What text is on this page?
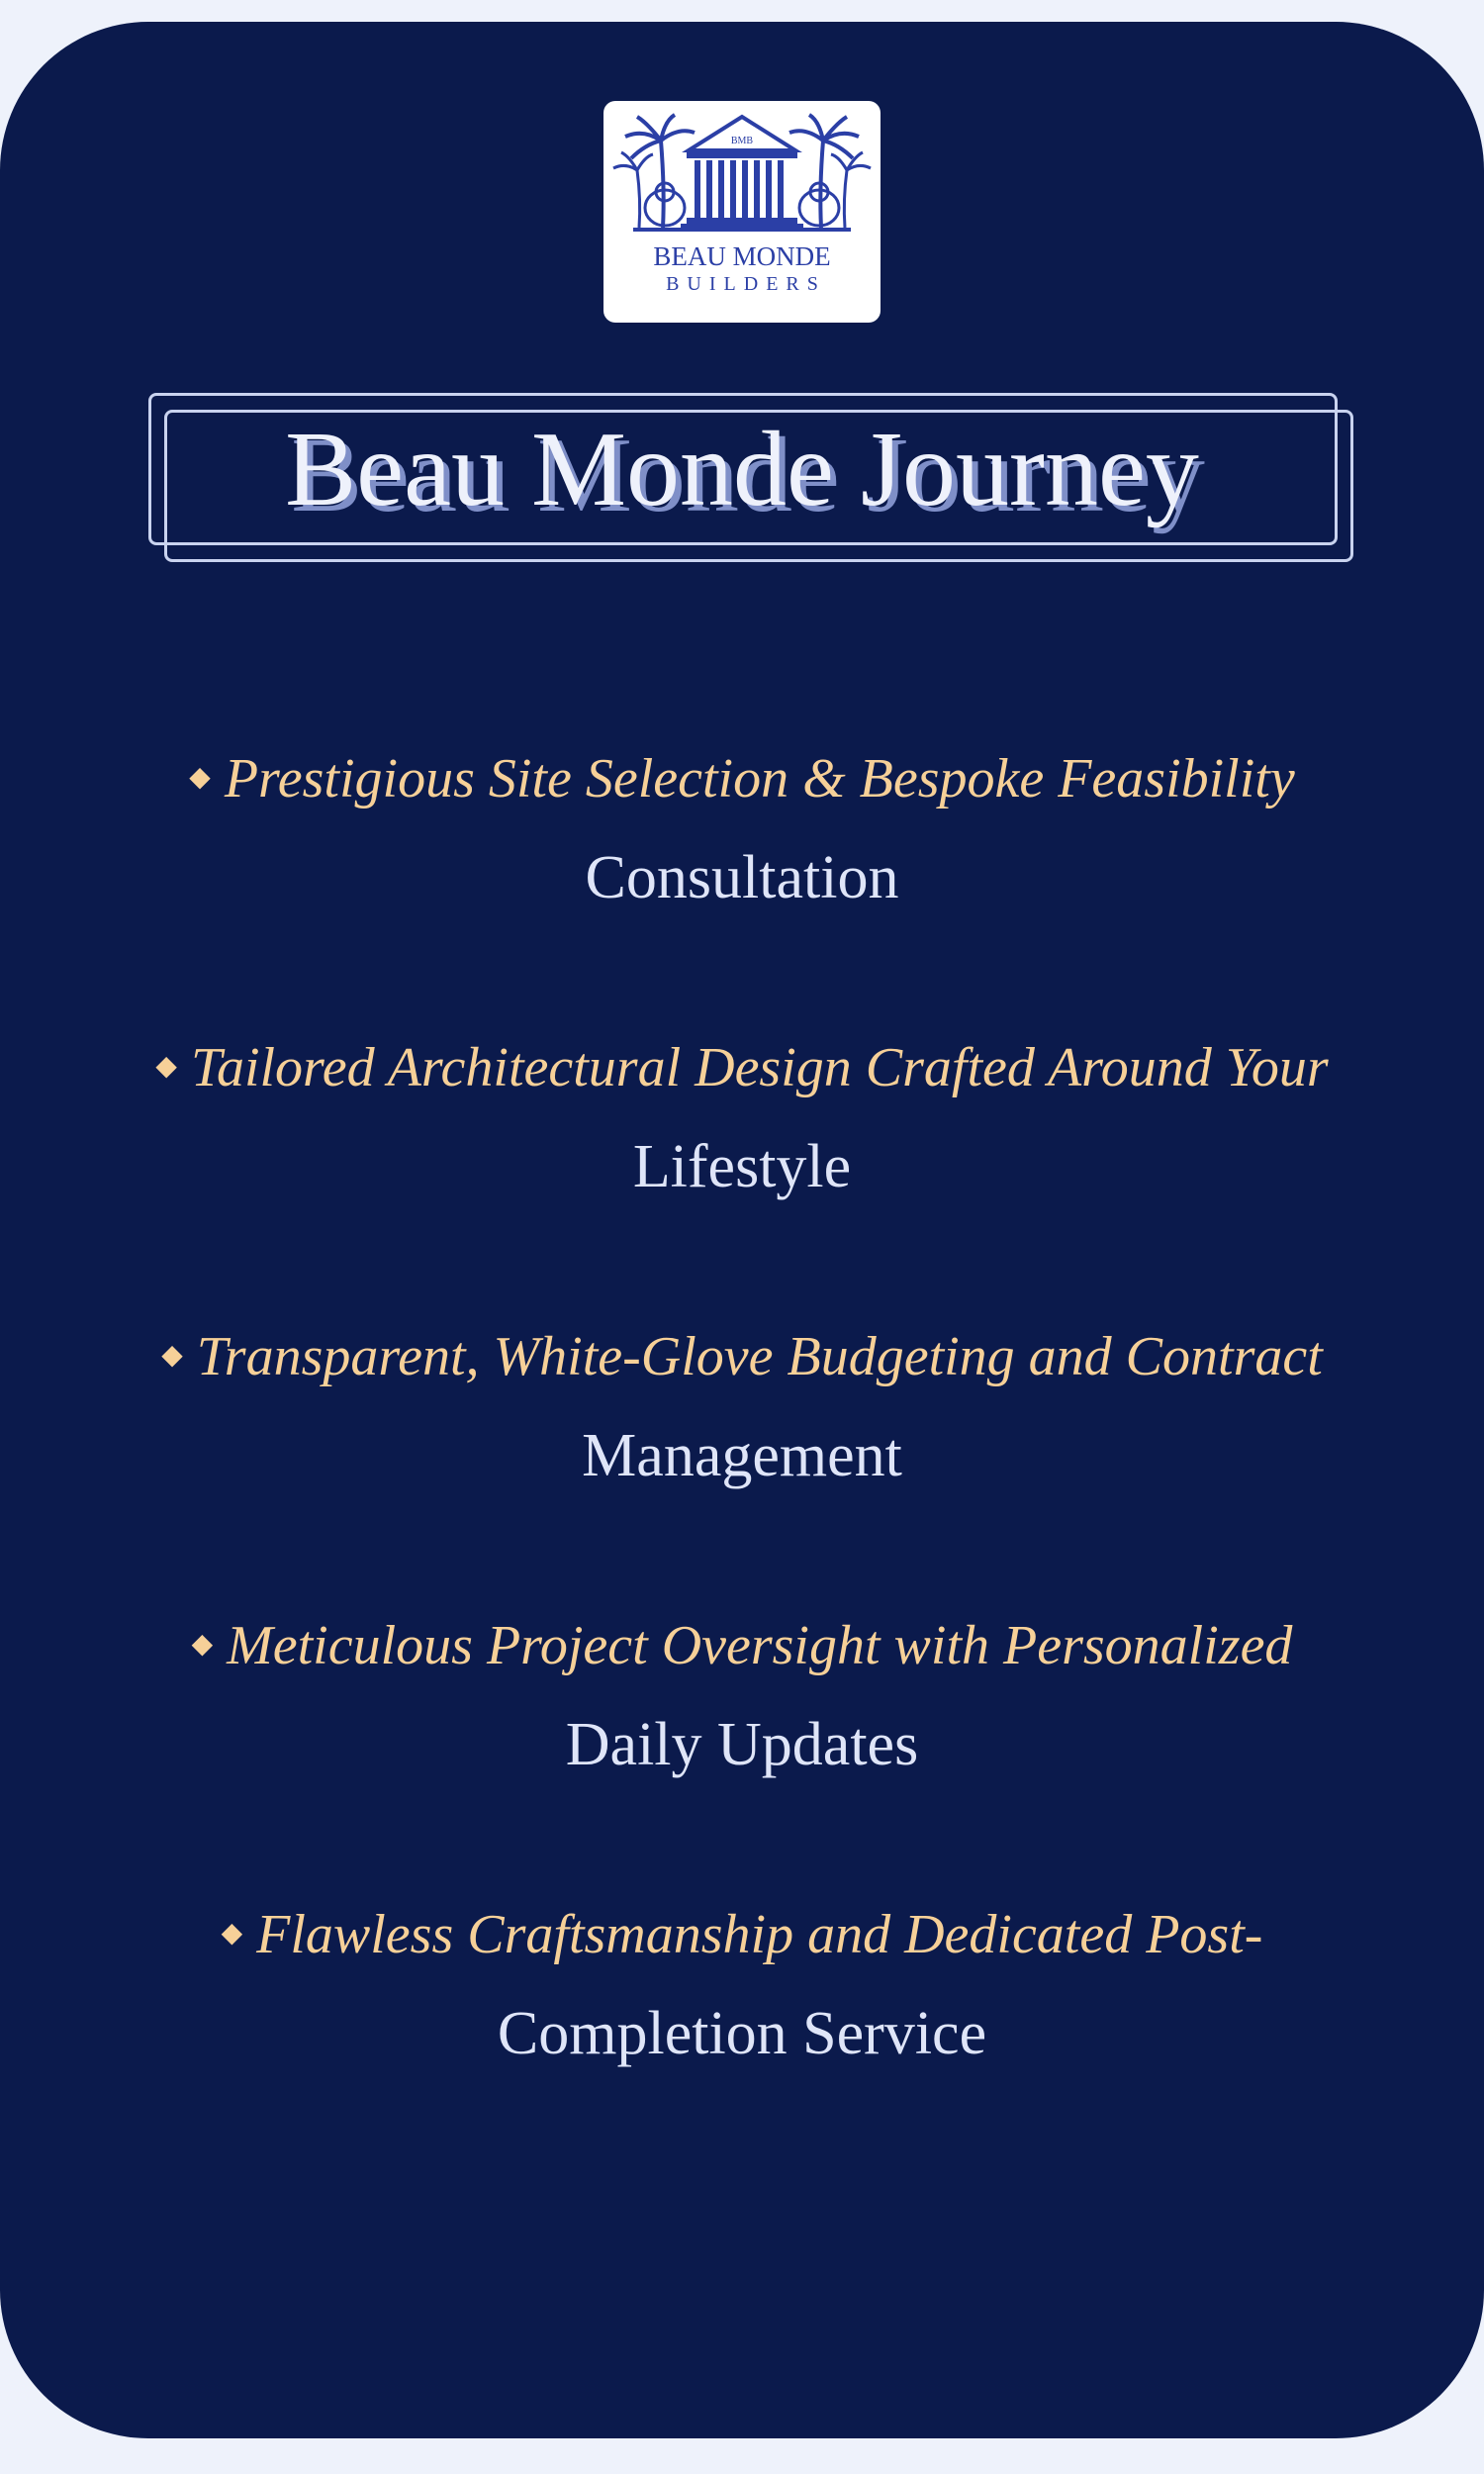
BMB
BEAU MONDE
BUILDERS
Beau Monde Journey
◆ Prestigious Site Selection & Bespoke Feasibility
Consultation
◆ Tailored Architectural Design Crafted Around Your
Lifestyle
◆ Transparent, White-Glove Budgeting and Contract
Management
◆ Meticulous Project Oversight with Personalized
Daily Updates
◆ Flawless Craftsmanship and Dedicated Post-
Completion Service
